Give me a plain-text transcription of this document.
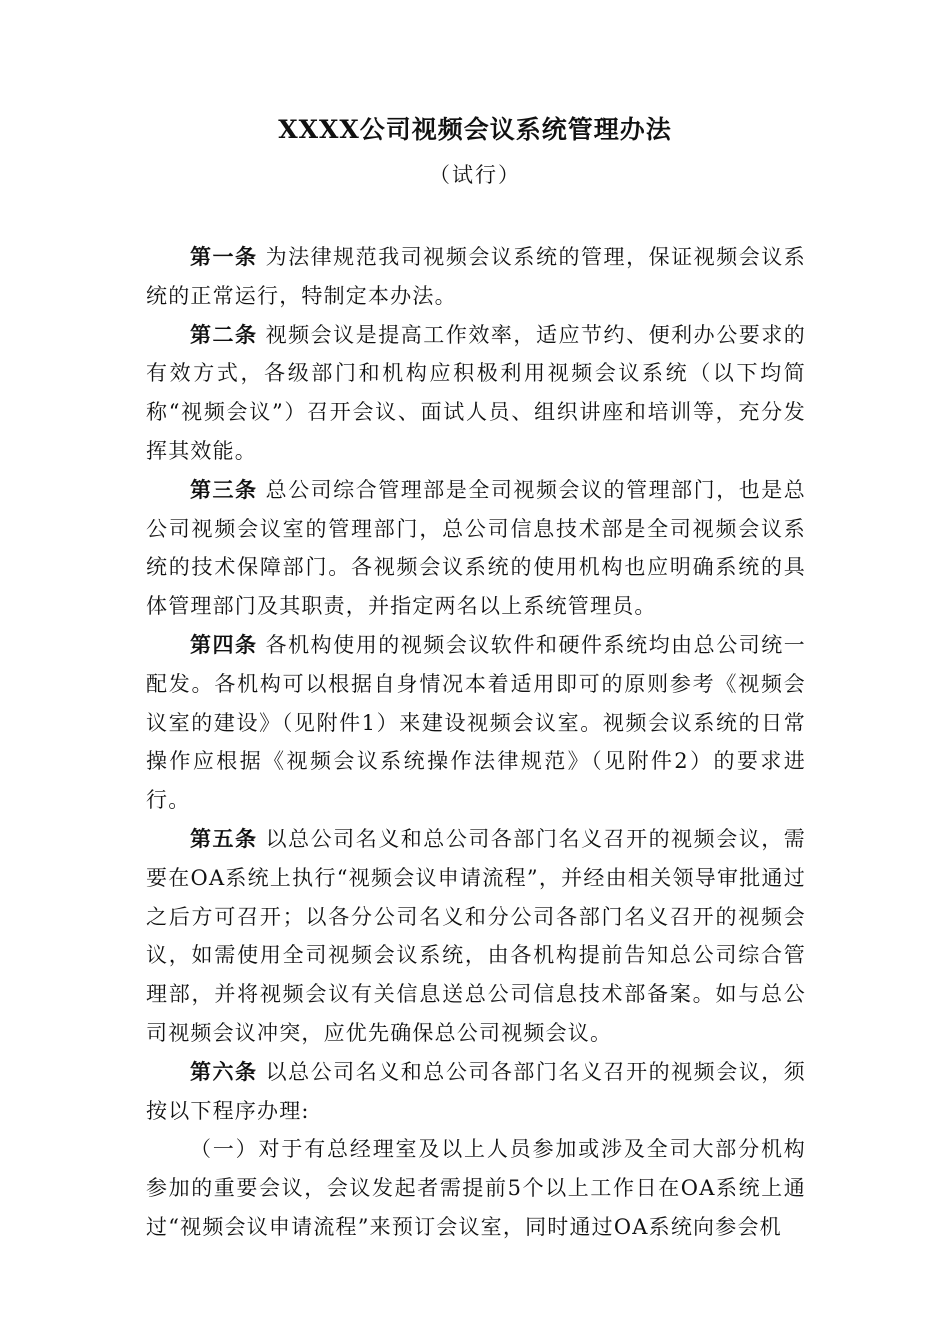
XXXX公司视频会议系统管理办法
（试行）

第一条 为法律规范我司视频会议系统的管理，保证视频会议系统的正常运行，特制定本办法。

第二条 视频会议是提高工作效率，适应节约、便利办公要求的有效方式，各级部门和机构应积极利用视频会议系统（以下均简称“视频会议”）召开会议、面试人员、组织讲座和培训等，充分发挥其效能。

第三条 总公司综合管理部是全司视频会议的管理部门，也是总公司视频会议室的管理部门，总公司信息技术部是全司视频会议系统的技术保障部门。各视频会议系统的使用机构也应明确系统的具体管理部门及其职责，并指定两名以上系统管理员。

第四条 各机构使用的视频会议软件和硬件系统均由总公司统一配发。各机构可以根据自身情况本着适用即可的原则参考《视频会议室的建设》（见附件1）来建设视频会议室。视频会议系统的日常操作应根据《视频会议系统操作法律规范》（见附件2）的要求进行。

第五条 以总公司名义和总公司各部门名义召开的视频会议，需要在OA系统上执行“视频会议申请流程”，并经由相关领导审批通过之后方可召开；以各分公司名义和分公司各部门名义召开的视频会议，如需使用全司视频会议系统，由各机构提前告知总公司综合管理部，并将视频会议有关信息送总公司信息技术部备案。如与总公司视频会议冲突，应优先确保总公司视频会议。

第六条 以总公司名义和总公司各部门名义召开的视频会议，须按以下程序办理:

（一）对于有总经理室及以上人员参加或涉及全司大部分机构参加的重要会议，会议发起者需提前5个以上工作日在OA系统上通过“视频会议申请流程”来预订会议室，同时通过OA系统向参会机
